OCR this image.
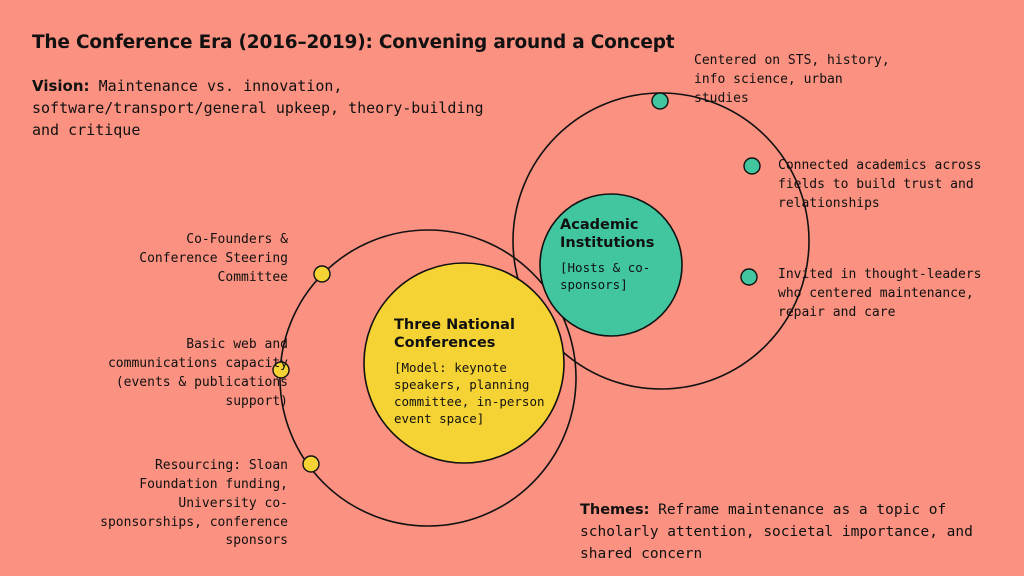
The Conference Era (2016–2019): Convening around a Concept
Vision: Maintenance vs. innovation, software/transport/general upkeep, theory-building and critique
Academic Institutions
[Hosts & co-sponsors]
Three National Conferences
[Model: keynote speakers, planning committee, in-person event space]
Centered on STS, history, info science, urban studies
Connected academics across fields to build trust and relationships
Invited in thought-leaders who centered maintenance, repair and care
Co-Founders & Conference Steering Committee
Basic web and communications capacity (events & publications support)
Resourcing: Sloan Foundation funding, University co-sponsorships, conference sponsors
Themes: Reframe maintenance as a topic of scholarly attention, societal importance, and shared concern
